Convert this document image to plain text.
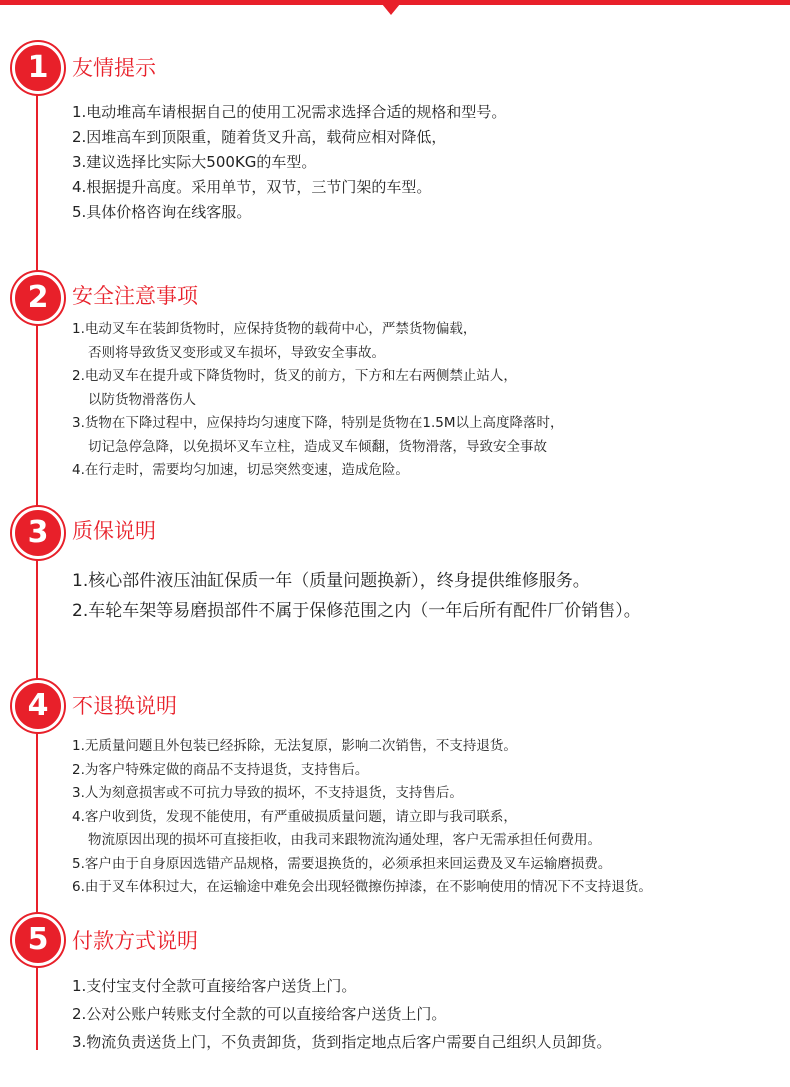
1 友情提示
1.电动堆高车请根据自己的使用工况需求选择合适的规格和型号。
2.因堆高车到顶限重，随着货叉升高，载荷应相对降低，
3.建议选择比实际大500KG的车型。
4.根据提升高度。采用单节，双节，三节门架的车型。
5.具体价格咨询在线客服。
2 安全注意事项
1.电动叉车在装卸货物时，应保持货物的载荷中心，严禁货物偏载，
否则将导致货叉变形或叉车损坏，导致安全事故。
2.电动叉车在提升或下降货物时，货叉的前方，下方和左右两侧禁止站人，
以防货物滑落伤人
3.货物在下降过程中，应保持均匀速度下降，特别是货物在1.5M以上高度降落时，
切记急停急降，以免损坏叉车立柱，造成叉车倾翻，货物滑落，导致安全事故
4.在行走时，需要均匀加速，切忌突然变速，造成危险。
3 质保说明
1.核心部件液压油缸保质一年（质量问题换新），终身提供维修服务。
2.车轮车架等易磨损部件不属于保修范围之内（一年后所有配件厂价销售）。
4 不退换说明
1.无质量问题且外包装已经拆除，无法复原，影响二次销售，不支持退货。
2.为客户特殊定做的商品不支持退货，支持售后。
3.人为刻意损害或不可抗力导致的损坏，不支持退货，支持售后。
4.客户收到货，发现不能使用，有严重破损质量问题，请立即与我司联系，
物流原因出现的损坏可直接拒收，由我司来跟物流沟通处理，客户无需承担任何费用。
5.客户由于自身原因选错产品规格，需要退换货的，必须承担来回运费及叉车运输磨损费。
6.由于叉车体积过大，在运输途中难免会出现轻微擦伤掉漆，在不影响使用的情况下不支持退货。
5 付款方式说明
1.支付宝支付全款可直接给客户送货上门。
2.公对公账户转账支付全款的可以直接给客户送货上门。
3.物流负责送货上门，不负责卸货，货到指定地点后客户需要自己组织人员卸货。
